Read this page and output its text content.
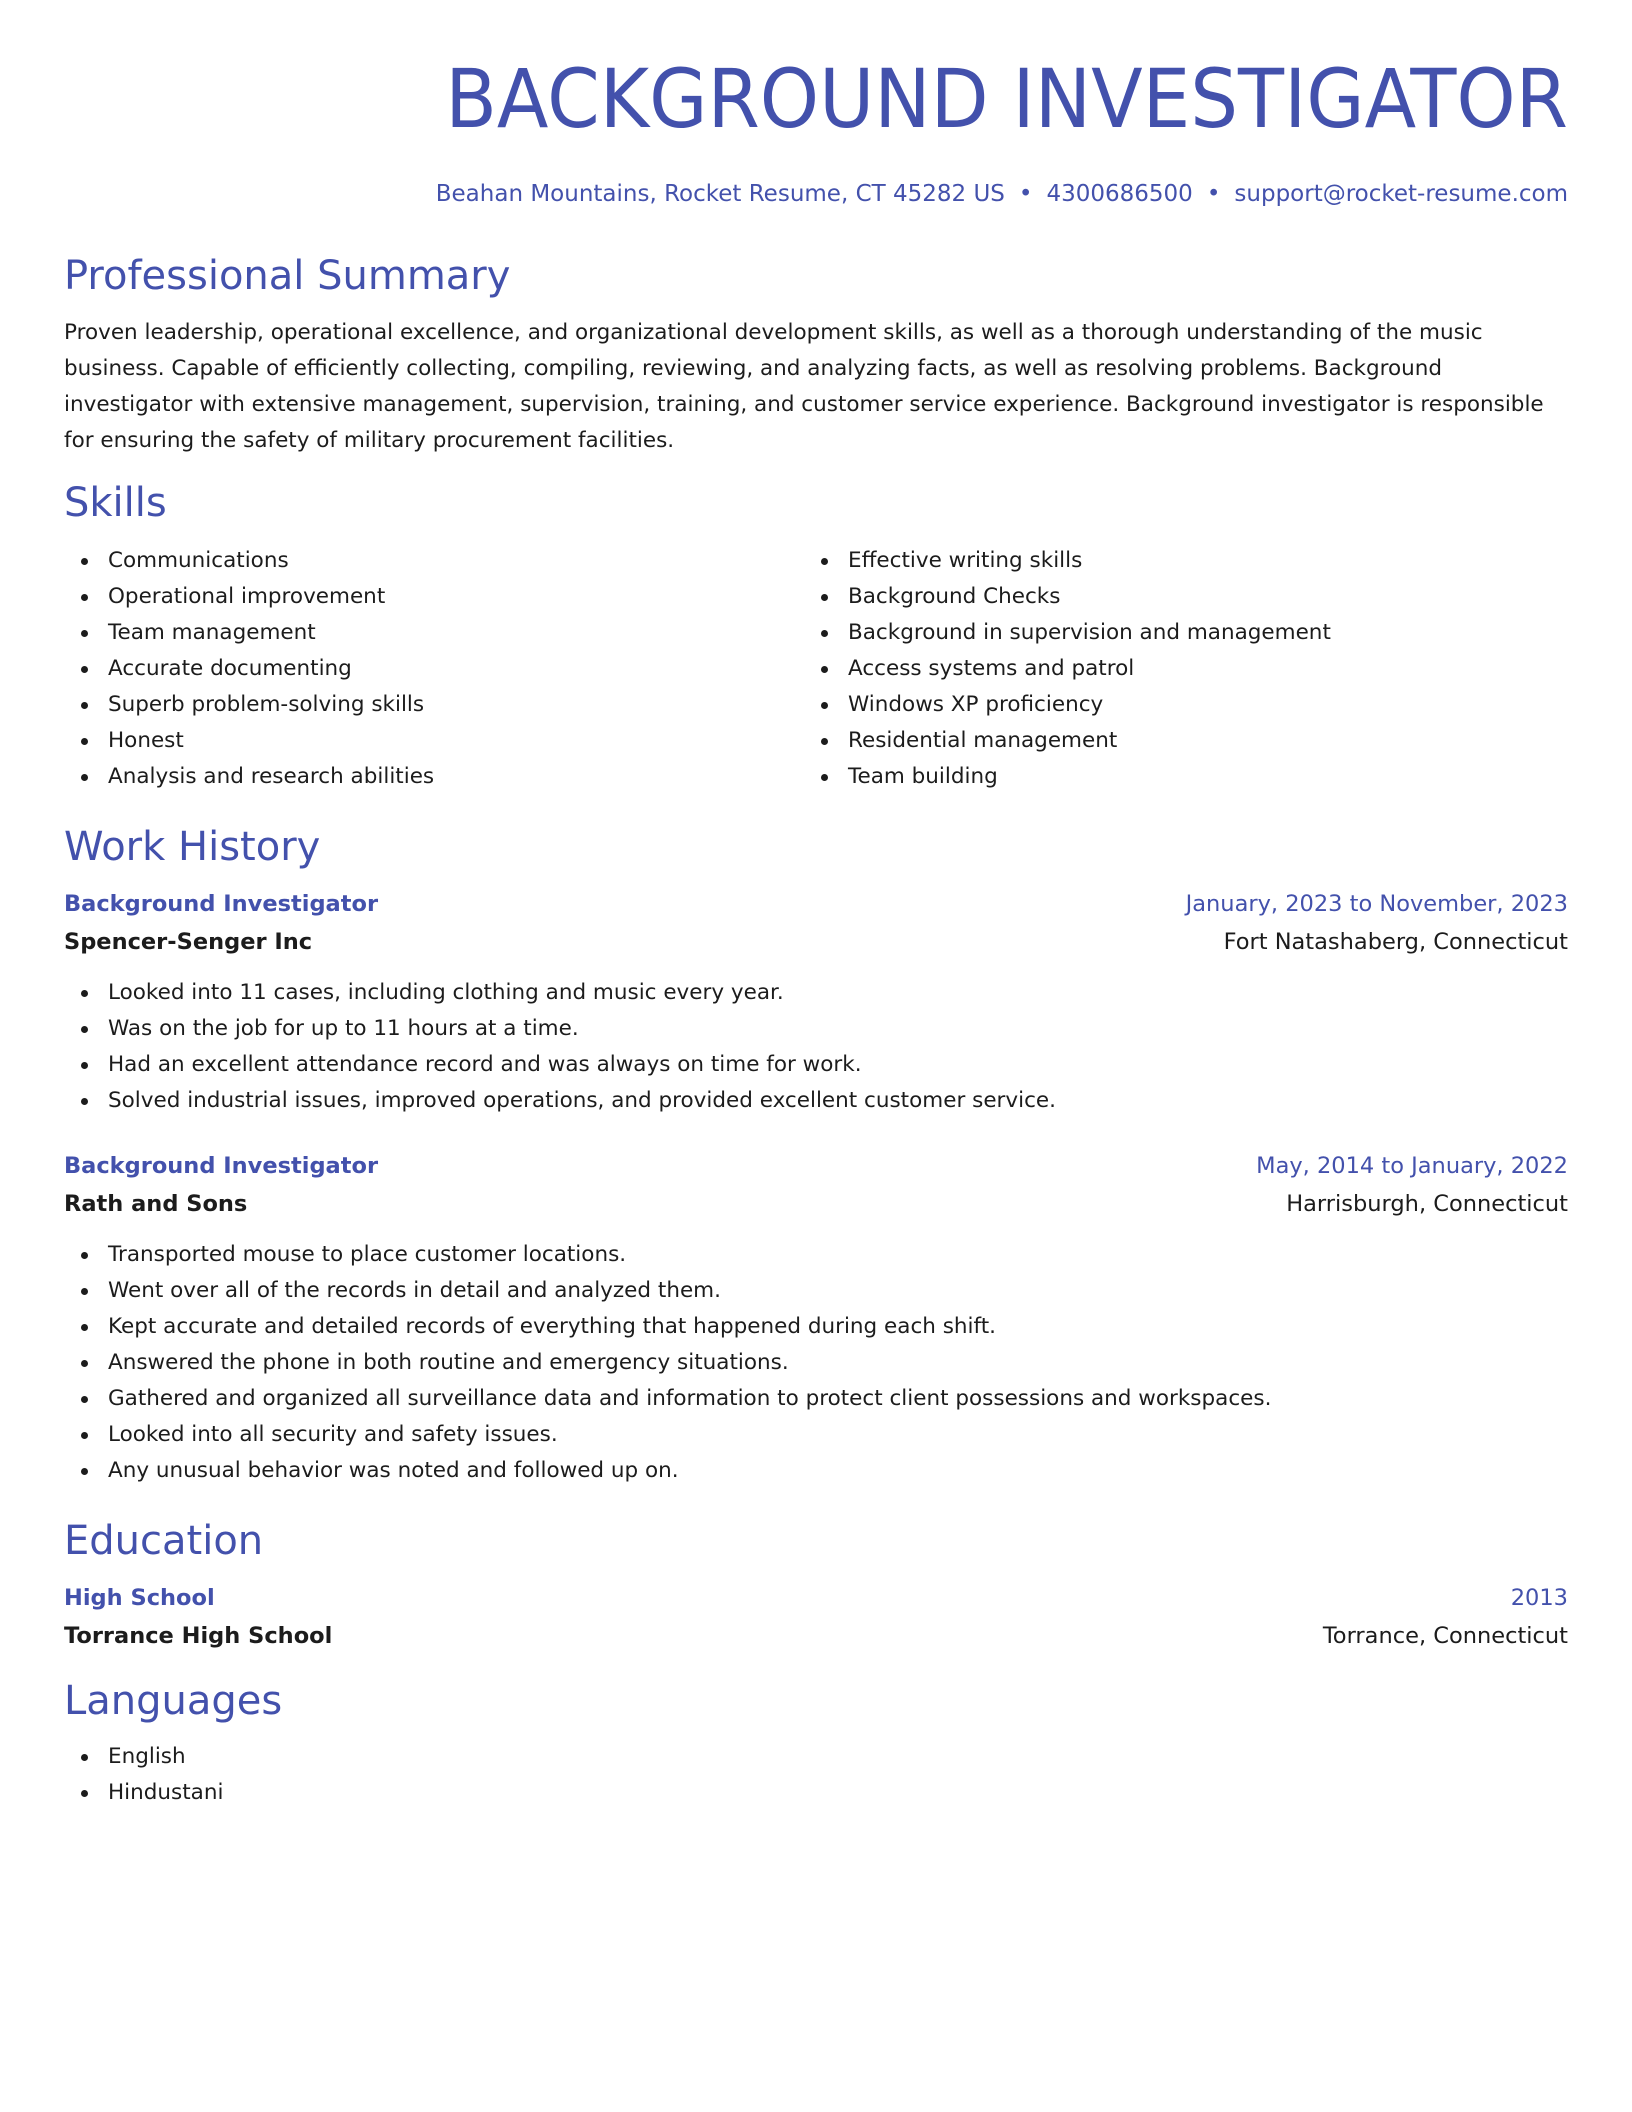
BACKGROUND INVESTIGATOR
Beahan Mountains, Rocket Resume, CT 45282 US • 4300686500 • support@rocket-resume.com
Professional Summary
Proven leadership, operational excellence, and organizational development skills, as well as a thorough understanding of the music business. Capable of efficiently collecting, compiling, reviewing, and analyzing facts, as well as resolving problems. Background investigator with extensive management, supervision, training, and customer service experience. Background investigator is responsible for ensuring the safety of military procurement facilities.
Skills
Communications
Operational improvement
Team management
Accurate documenting
Superb problem-solving skills
Honest
Analysis and research abilities
Effective writing skills
Background Checks
Background in supervision and management
Access systems and patrol
Windows XP proficiency
Residential management
Team building
Work History
Background Investigator	January, 2023 to November, 2023
Spencer-Senger Inc	Fort Natashaberg, Connecticut
Looked into 11 cases, including clothing and music every year.
Was on the job for up to 11 hours at a time.
Had an excellent attendance record and was always on time for work.
Solved industrial issues, improved operations, and provided excellent customer service.
Background Investigator	May, 2014 to January, 2022
Rath and Sons	Harrisburgh, Connecticut
Transported mouse to place customer locations.
Went over all of the records in detail and analyzed them.
Kept accurate and detailed records of everything that happened during each shift.
Answered the phone in both routine and emergency situations.
Gathered and organized all surveillance data and information to protect client possessions and workspaces.
Looked into all security and safety issues.
Any unusual behavior was noted and followed up on.
Education
High School	2013
Torrance High School	Torrance, Connecticut
Languages
English
Hindustani
